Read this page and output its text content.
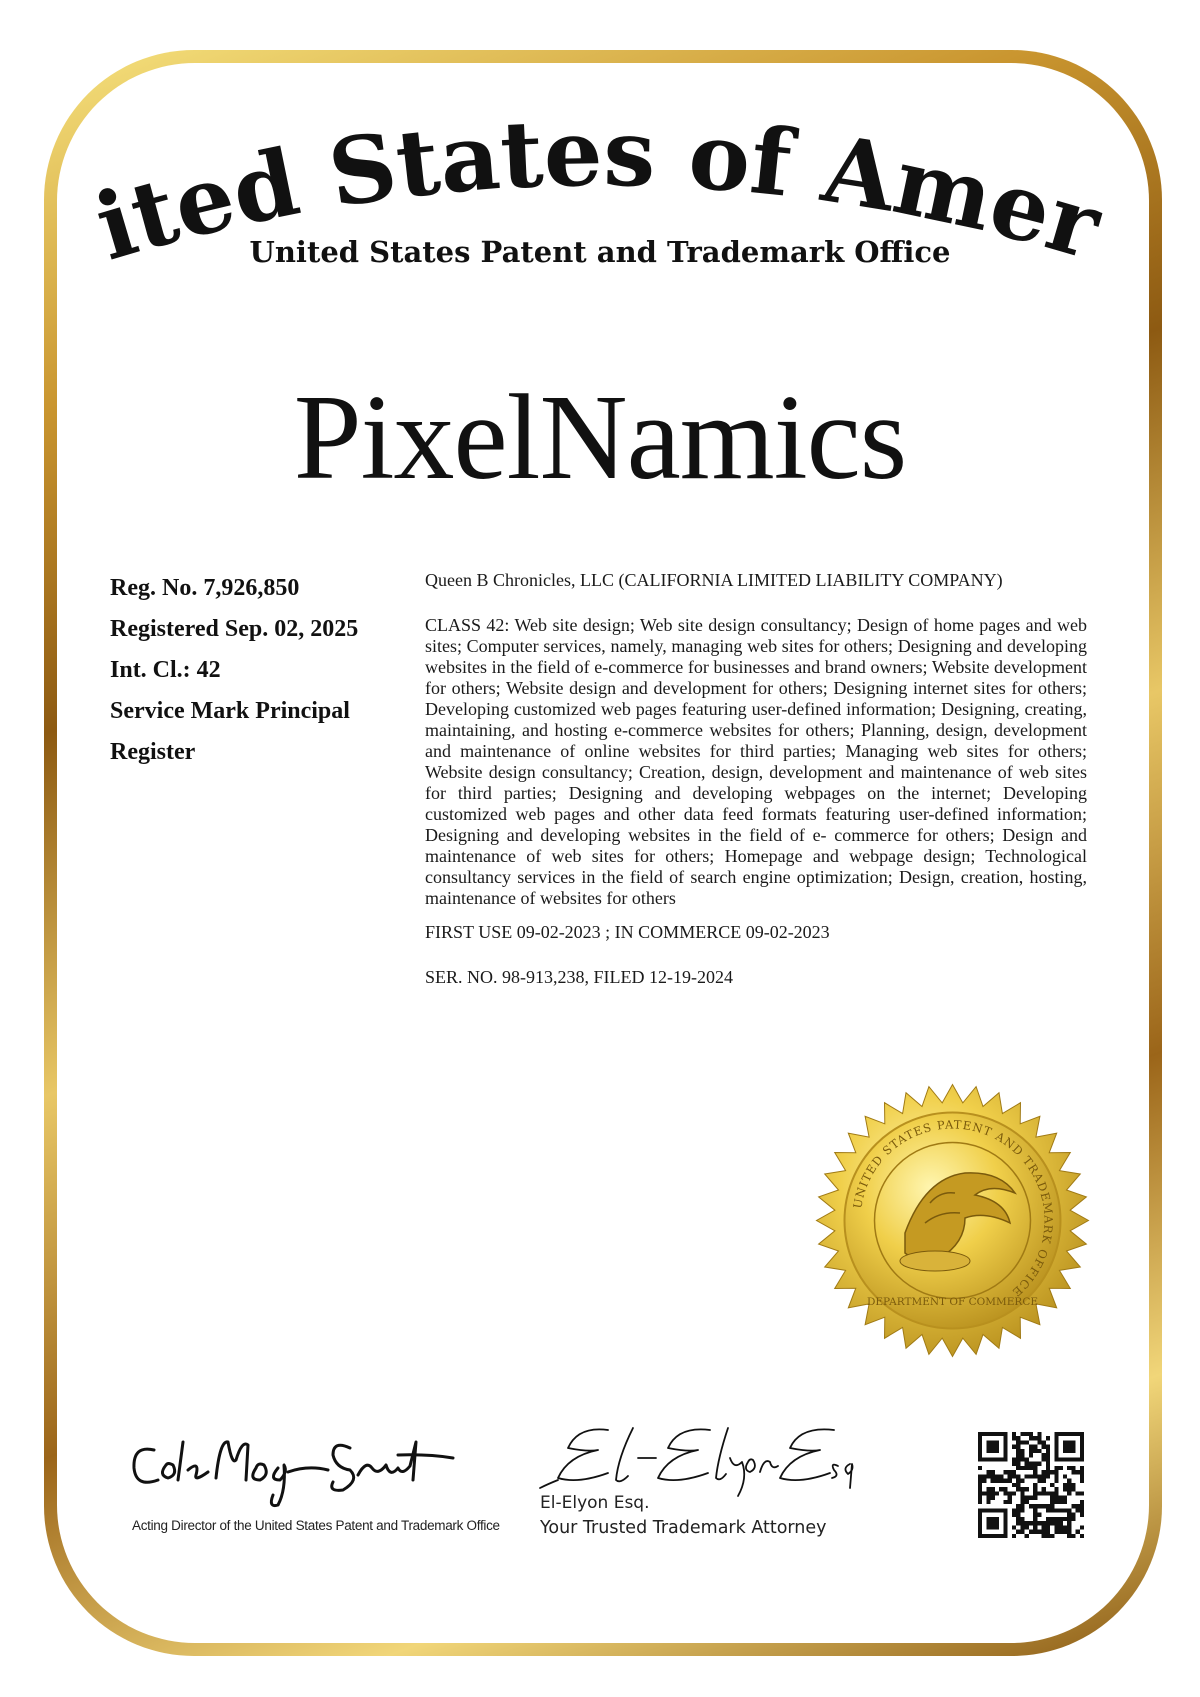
ited States of Amer
United States Patent and Trademark Office
PixelNamics
Reg. No. 7,926,850
Registered Sep. 02, 2025
Int. Cl.: 42
Service Mark Principal
Register
Queen B Chronicles, LLC (CALIFORNIA LIMITED LIABILITY COMPANY)
CLASS 42: Web site design; Web site design consultancy; Design of home pages and web sites; Computer services, namely, managing web sites for others; Designing and developing websites in the field of e-commerce for businesses and brand owners; Website development for others; Website design and development for others; Designing internet sites for others; Developing customized web pages featuring user-defined information; Designing, creating, maintaining, and hosting e-commerce websites for others; Planning, design, development and maintenance of online websites for third parties; Managing web sites for others; Website design consultancy; Creation, design, development and maintenance of web sites for third parties; Designing and developing webpages on the internet; Developing customized web pages and other data feed formats featuring user-defined information; Designing and developing websites in the field of e- commerce for others; Design and maintenance of web sites for others; Homepage and webpage design; Technological consultancy services in the field of search engine optimization; Design, creation, hosting, maintenance of websites for others
FIRST USE 09-02-2023 ; IN COMMERCE 09-02-2023
SER. NO. 98-913,238, FILED 12-19-2024
UNITED STATES PATENT AND TRADEMARK OFFICE
DEPARTMENT OF COMMERCE
Acting Director of the United States Patent and Trademark Office
El-Elyon Esq.
Your Trusted Trademark Attorney
